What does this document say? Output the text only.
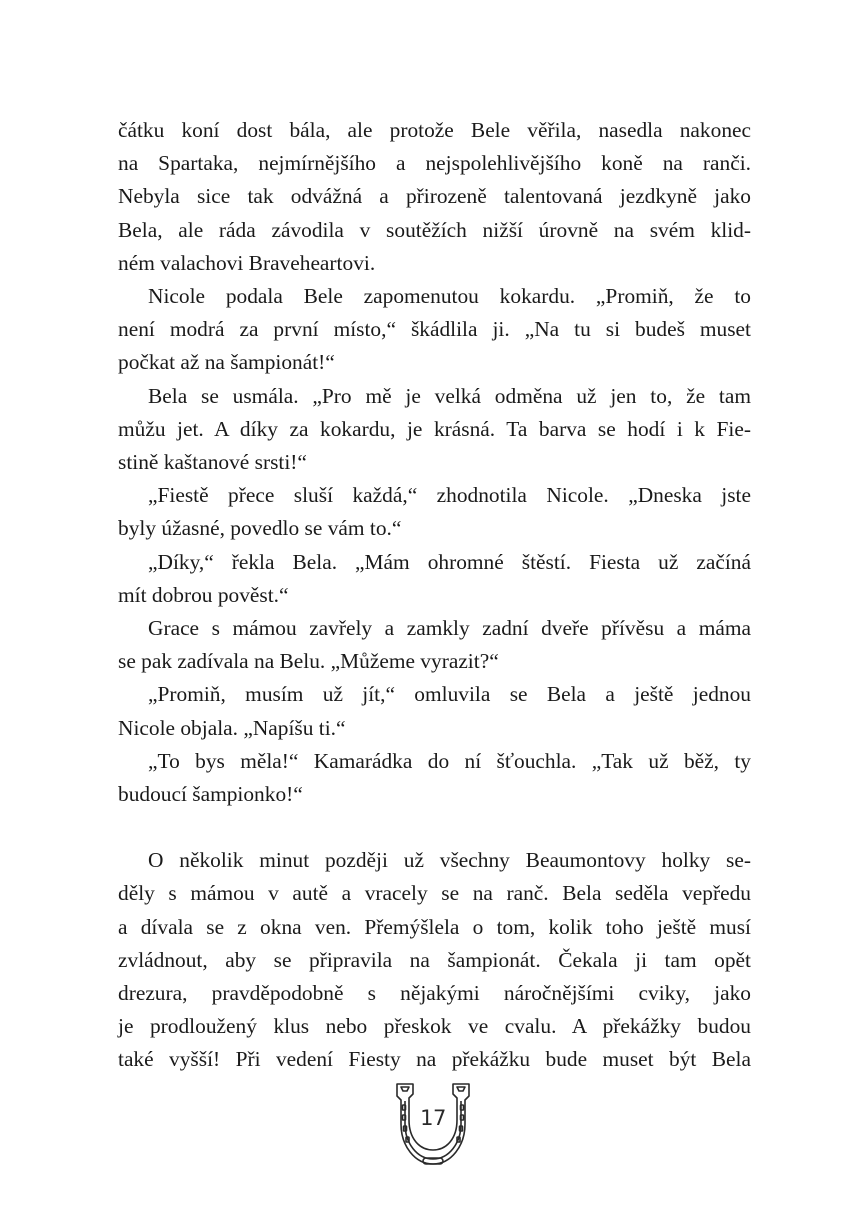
čátku koní dost bála, ale protože Bele věřila, nasedla nakonec
na Spartaka, nejmírnějšího a nejspolehlivějšího koně na ranči.
Nebyla sice tak odvážná a přirozeně talentovaná jezdkyně jako
Bela, ale ráda závodila v soutěžích nižší úrovně na svém klid-
ném valachovi Braveheartovi.
Nicole podala Bele zapomenutou kokardu. „Promiň, že to
není modrá za první místo,“ škádlila ji. „Na tu si budeš muset
počkat až na šampionát!“
Bela se usmála. „Pro mě je velká odměna už jen to, že tam
můžu jet. A díky za kokardu, je krásná. Ta barva se hodí i k Fie-
stině kaštanové srsti!“
„Fiestě přece sluší každá,“ zhodnotila Nicole. „Dneska jste
byly úžasné, povedlo se vám to.“
„Díky,“ řekla Bela. „Mám ohromné štěstí. Fiesta už začíná
mít dobrou pověst.“
Grace s mámou zavřely a zamkly zadní dveře přívěsu a máma
se pak zadívala na Belu. „Můžeme vyrazit?“
„Promiň, musím už jít,“ omluvila se Bela a ještě jednou
Nicole objala. „Napíšu ti.“
„To bys měla!“ Kamarádka do ní šťouchla. „Tak už běž, ty
budoucí šampionko!“
O několik minut později už všechny Beaumontovy holky se-
děly s mámou v autě a vracely se na ranč. Bela seděla vepředu
a dívala se z okna ven. Přemýšlela o tom, kolik toho ještě musí
zvládnout, aby se připravila na šampionát. Čekala ji tam opět
drezura, pravděpodobně s nějakými náročnějšími cviky, jako
je prodloužený klus nebo přeskok ve cvalu. A překážky budou
také vyšší! Při vedení Fiesty na překážku bude muset být Bela
17
